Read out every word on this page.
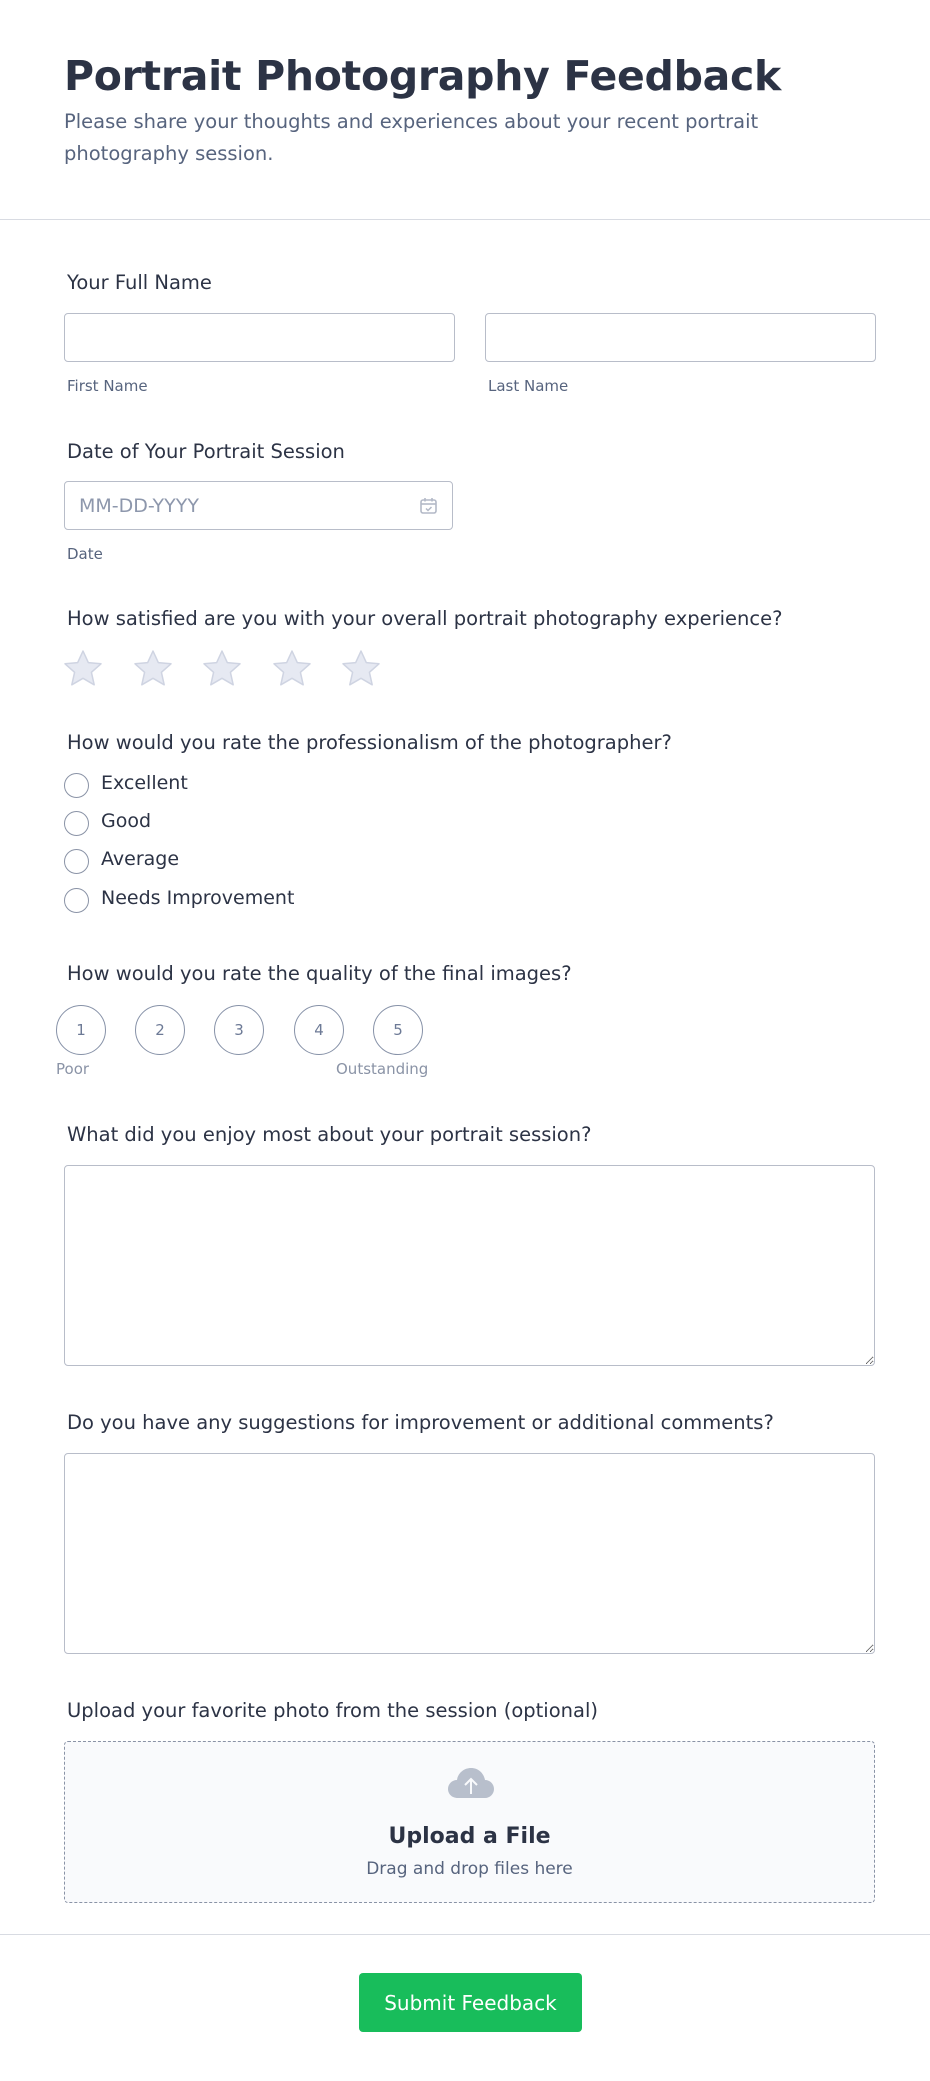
Portrait Photography Feedback

Please share your thoughts and experiences about your recent portrait photography session.

Your Full Name
First Name	Last Name
Date of Your Portrait Session
MM-DD-YYYY
Date
How satisfied are you with your overall portrait photography experience?
How would you rate the professionalism of the photographer?
Excellent
Good
Average
Needs Improvement
How would you rate the quality of the final images?
1	2	3	4	5
Poor	Outstanding
What did you enjoy most about your portrait session?
Do you have any suggestions for improvement or additional comments?
Upload your favorite photo from the session (optional)
Upload a File
Drag and drop files here
Submit Feedback
